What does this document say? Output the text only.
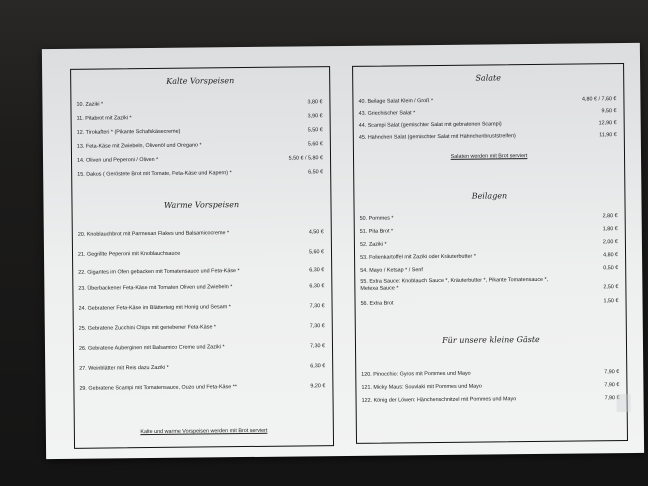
Kalte Vorspeisen
10. Zaziki *	3,80 €
11. Pitabrot mit Zaziki *	3,90 €
12. Tirokafteri * (Pikante Schafskäsecreme)	5,50 €
13. Feta-Käse mit Zwiebeln, Olivenöl und Oregano *	5,60 €
14. Oliven und Peperoni / Oliven *	5,50 € / 5,80 €
15. Dakos ( Geröstete Brot mit Tomate, Feta-Käse und Kapern) *	6,50 €
Warme Vorspeisen
20. Knoblauchbrot mit Parmesan Flakes und Balsamicocreme *	4,50 €
21. Gegrillte Peperoni mit Knoblauchsauce	5,60 €
22. Gigantes im Ofen gebacken mit Tomatensauce und Feta-Käse *	6,30 €
23. Überbackener Feta-Käse mit Tomaten Oliven und Zwiebeln *	6,30 €
24. Gebratener Feta-Käse im Blätterteig mit Honig und Sesam *	7,30 €
25. Gebratene Zucchini Chips mit geriebener Feta-Käse *	7,30 €
26. Gebratene Auberginen mit Balsamico Creme und Zaziki *	7,30 €
27. Weinblätter mit Reis dazu Zaziki *	6,30 €
29. Gebratene Scampi mit Tomatensauce, Ouzo und Feta-Käse **	9,20 €
Kalte und warme Vorspeisen werden mit Brot serviert
Salate
40. Beilage Salat Klein / Groß *	4,80 € / 7,60 €
43. Griechischer Salat *	9,50 €
44. Scampi Salat (gemischter Salat mit gebratenen Scampi)	12,90 €
45. Hähnchen Salat (gemischter Salat mit Hähnchenbruststreifen)	11,90 €
Salaten werden mit Brot serviert
Beilagen
50. Pommes *	2,80 €
51. Pita Brot *	1,80 €
52. Zaziki *	2,00 €
53. Folienkartoffel mit Zaziki oder Kräuterbutter *	4,80 €
54. Mayo / Ketsap * / Senf	0,50 €
55. Extra Sauce: Knoblauch Sauce *, Kräuterbutter *, Pikante Tomatensauce *,
Metexa Sauce *	2,50 €
56. Extra Brot	1,50 €
Für unsere kleine Gäste
120. Pinocchio: Gyros mit Pommes und Mayo	7,90 €
121. Micky Maus: Souvlaki mit Pommes und Mayo	7,90 €
122. König der Löwen: Hänchenschnitzel mit Pommes und Mayo	7,90 €
